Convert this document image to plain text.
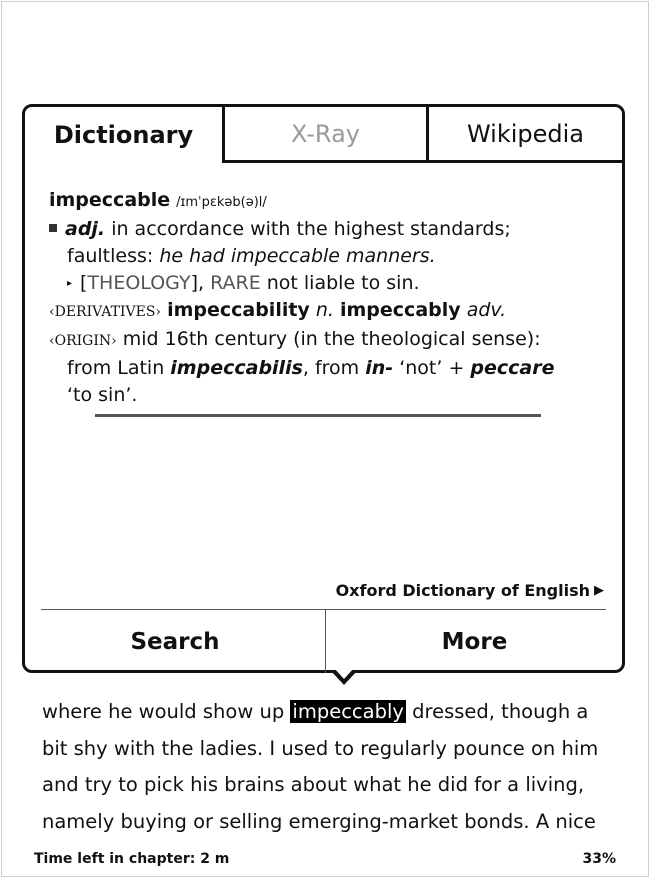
Dictionary	X-Ray	Wikipedia
impeccable /ɪmˈpɛkəb(ə)l/
adj. in accordance with the highest standards;
faultless: he had impeccable manners.
▸ [THEOLOGY], RARE not liable to sin.
‹DERIVATIVES› impeccability n. impeccably adv.
‹ORIGIN› mid 16th century (in the theological sense):
from Latin impeccabilis, from in- ‘not’ + peccare
‘to sin’.
Oxford Dictionary of English ▶
Search	More
where he would show up impeccably dressed, though a
bit shy with the ladies. I used to regularly pounce on him
and try to pick his brains about what he did for a living,
namely buying or selling emerging-market bonds. A nice
Time left in chapter: 2 m	33%
